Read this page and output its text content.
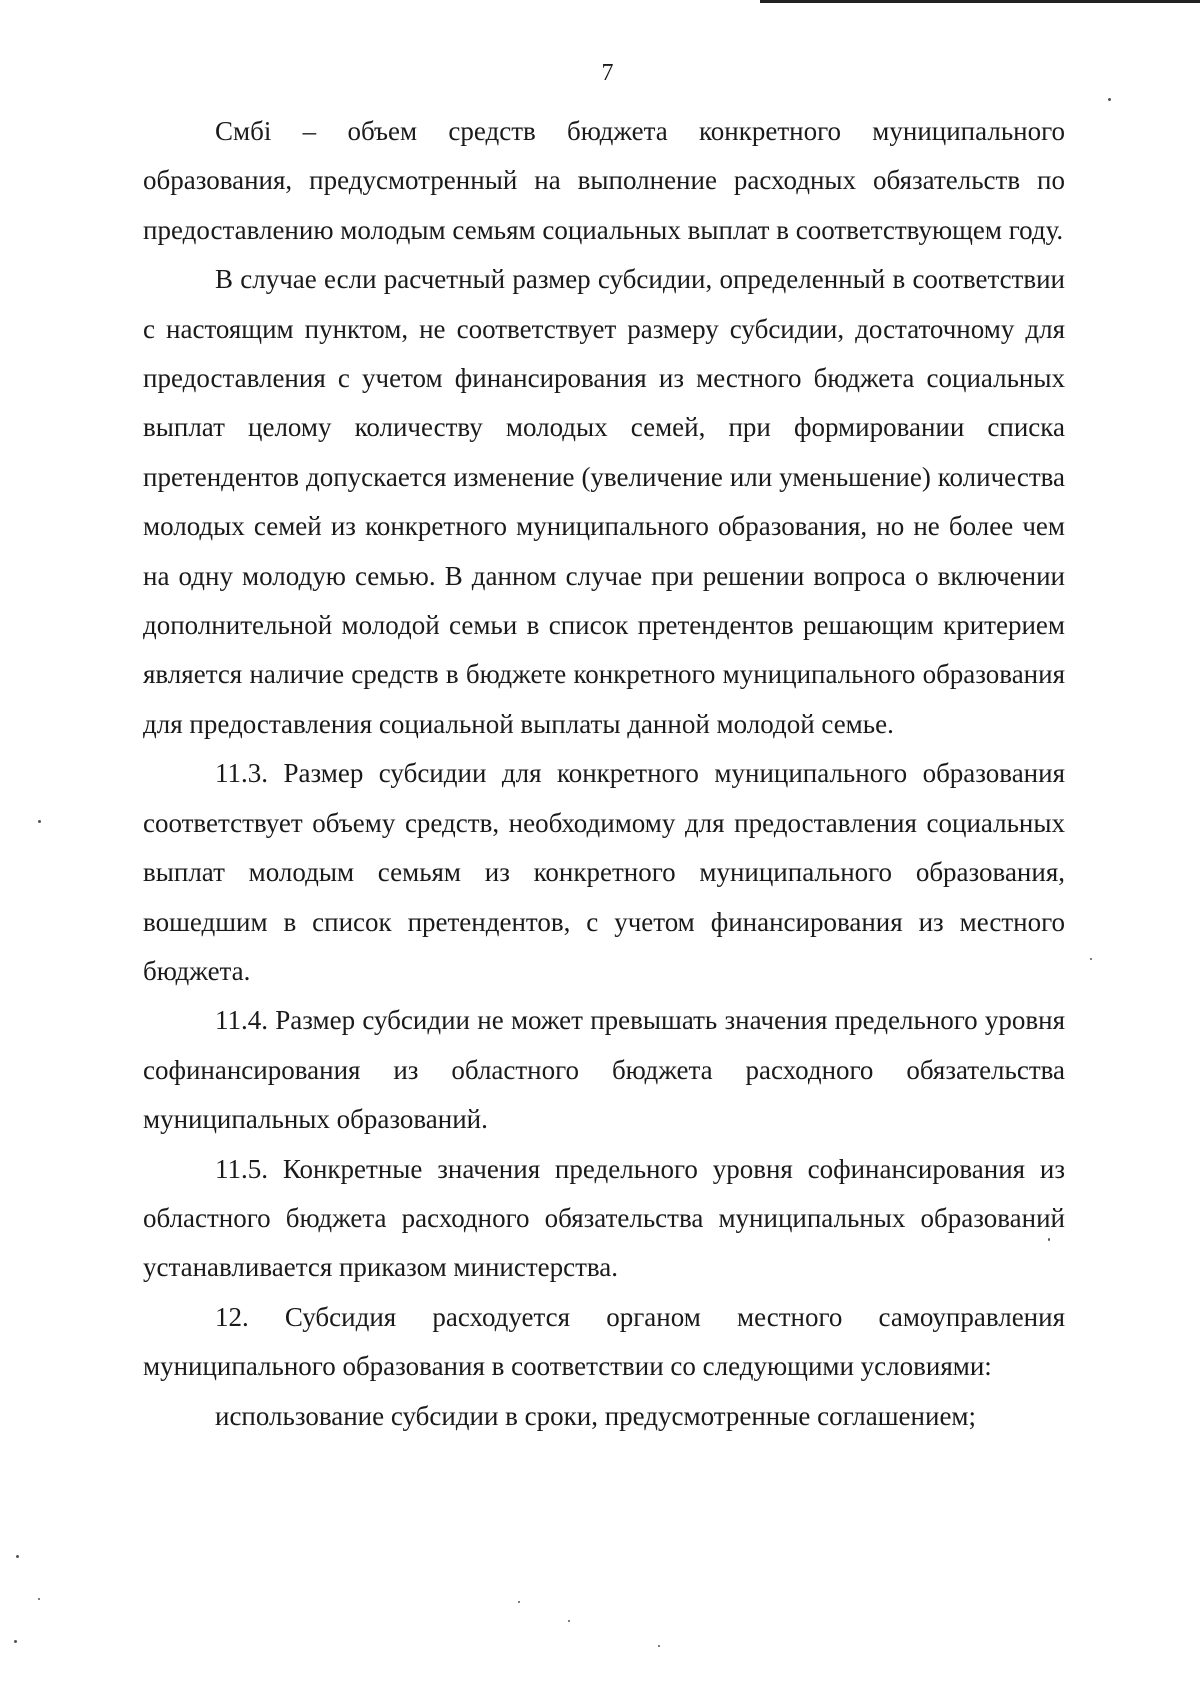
7

Смбi – объем средств бюджета конкретного муниципального образования, предусмотренный на выполнение расходных обязательств по предоставлению молодым семьям социальных выплат в соответствующем году.

В случае если расчетный размер субсидии, определенный в соответствии с настоящим пунктом, не соответствует размеру субсидии, достаточному для предоставления с учетом финансирования из местного бюджета социальных выплат целому количеству молодых семей, при формировании списка претендентов допускается изменение (увеличение или уменьшение) количества молодых семей из конкретного муниципального образования, но не более чем на одну молодую семью. В данном случае при решении вопроса о включении дополнительной молодой семьи в список претендентов решающим критерием является наличие средств в бюджете конкретного муниципального образования для предоставления социальной выплаты данной молодой семье.

11.3. Размер субсидии для конкретного муниципального образования соответствует объему средств, необходимому для предоставления социальных выплат молодым семьям из конкретного муниципального образования, вошедшим в список претендентов, с учетом финансирования из местного бюджета.

11.4. Размер субсидии не может превышать значения предельного уровня софинансирования из областного бюджета расходного обязательства муниципальных образований.

11.5. Конкретные значения предельного уровня софинансирования из областного бюджета расходного обязательства муниципальных образований устанавливается приказом министерства.

12. Субсидия расходуется органом местного самоуправления муниципального образования в соответствии со следующими условиями:

использование субсидии в сроки, предусмотренные соглашением;
